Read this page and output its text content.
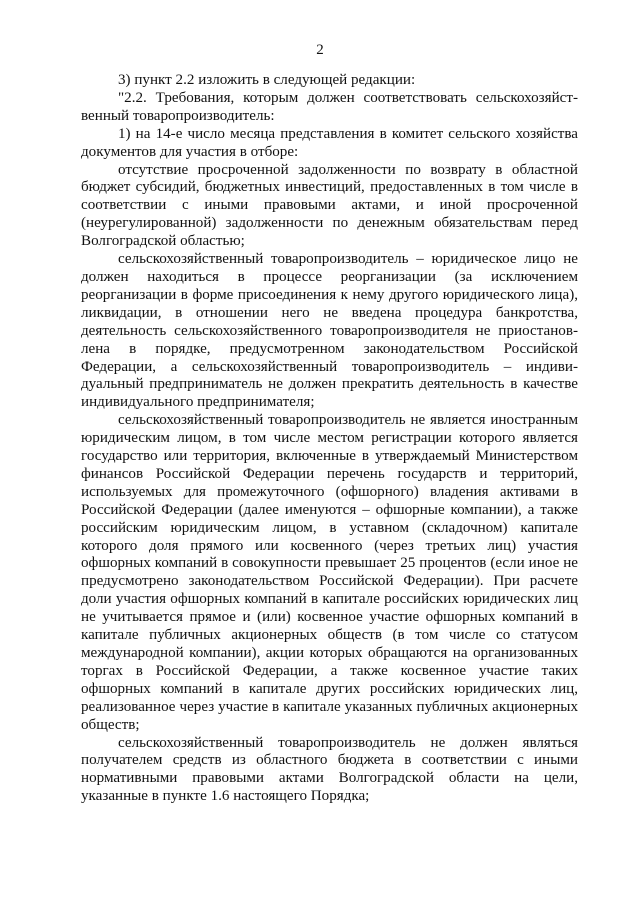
2

3) пункт 2.2 изложить в следующей редакции:

"2.2. Требования, которым должен соответствовать сельскохозяйственный товаропроизводитель:

1) на 14-е число месяца представления в комитет сельского хозяйства документов для участия в отборе:

отсутствие просроченной задолженности по возврату в областной бюджет субсидий, бюджетных инвестиций, предоставленных в том числе в соответствии с иными правовыми актами, и иной просроченной (неурегулированной) задолженности по денежным обязательствам перед Волгоградской областью;

сельскохозяйственный товаропроизводитель – юридическое лицо не должен находиться в процессе реорганизации (за исключением реорганизации в форме присоединения к нему другого юридического лица), ликвидации, в отношении него не введена процедура банкротства, деятельность сельскохозяйственного товаропроизводителя не приостановлена в порядке, предусмотренном законодательством Российской Федерации, а сельскохозяйственный товаропроизводитель – индивидуальный предприниматель не должен прекратить деятельность в качестве индивидуального предпринимателя;

сельскохозяйственный товаропроизводитель не является иностранным юридическим лицом, в том числе местом регистрации которого является государство или территория, включенные в утверждаемый Министерством финансов Российской Федерации перечень государств и территорий, используемых для промежуточного (офшорного) владения активами в Российской Федерации (далее именуются – офшорные компании), а также российским юридическим лицом, в уставном (складочном) капитале которого доля прямого или косвенного (через третьих лиц) участия офшорных компаний в совокупности превышает 25 процентов (если иное не предусмотрено законодательством Российской Федерации). При расчете доли участия офшорных компаний в капитале российских юридических лиц не учитывается прямое и (или) косвенное участие офшорных компаний в капитале публичных акционерных обществ (в том числе со статусом международной компании), акции которых обращаются на организованных торгах в Российской Федерации, а также косвенное участие таких офшорных компаний в капитале других российских юридических лиц, реализованное через участие в капитале указанных публичных акционерных обществ;

сельскохозяйственный товаропроизводитель не должен являться получателем средств из областного бюджета в соответствии с иными нормативными правовыми актами Волгоградской области на цели, указанные в пункте 1.6 настоящего Порядка;
